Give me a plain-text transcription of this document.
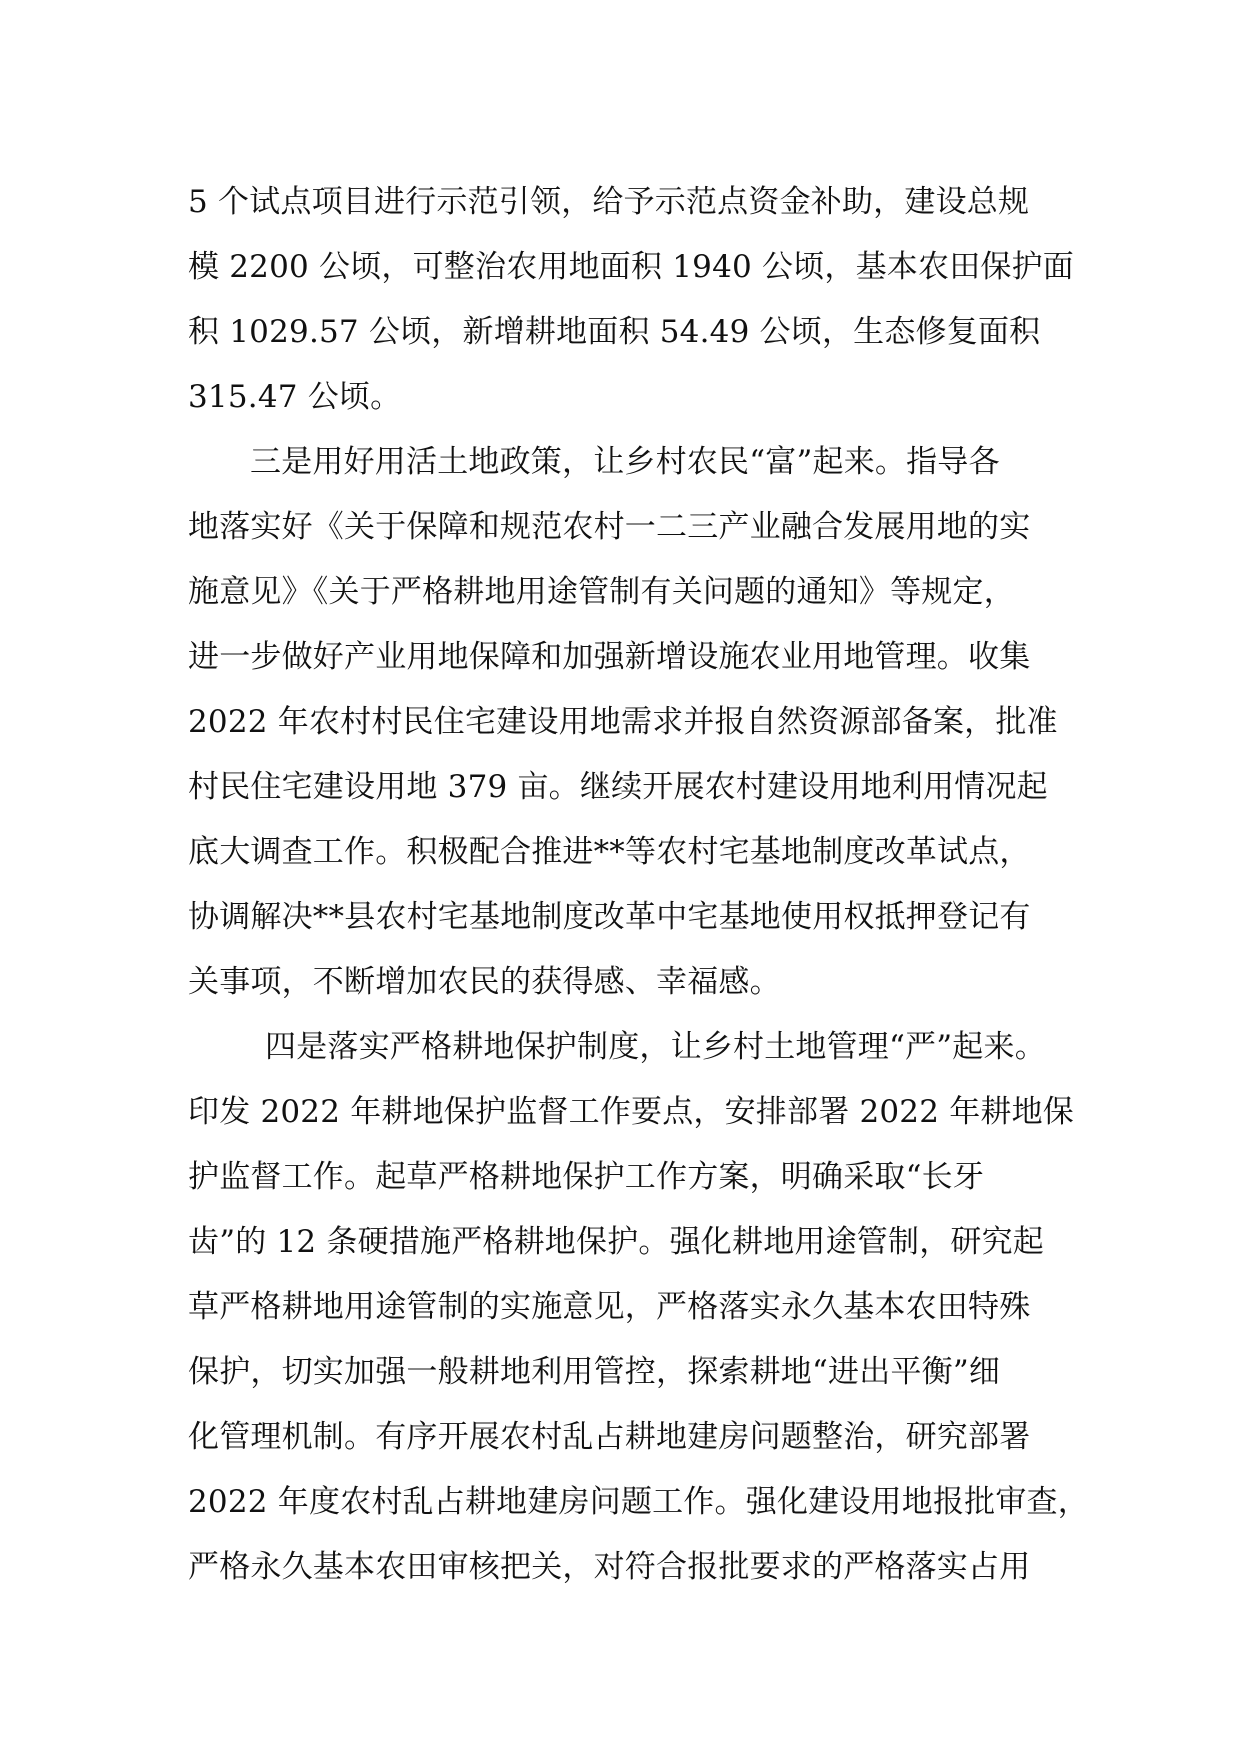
5 个试点项目进行示范引领，给予示范点资金补助，建设总规
模 2200 公顷，可整治农用地面积 1940 公顷，基本农田保护面
积 1029.57 公顷，新增耕地面积 54.49 公顷，生态修复面积
315.47 公顷。
三是用好用活土地政策，让乡村农民“富”起来。指导各
地落实好《关于保障和规范农村一二三产业融合发展用地的实
施意见》《关于严格耕地用途管制有关问题的通知》等规定，
进一步做好产业用地保障和加强新增设施农业用地管理。收集
2022 年农村村民住宅建设用地需求并报自然资源部备案，批准
村民住宅建设用地 379 亩。继续开展农村建设用地利用情况起
底大调查工作。积极配合推进**等农村宅基地制度改革试点，
协调解决**县农村宅基地制度改革中宅基地使用权抵押登记有
关事项，不断增加农民的获得感、幸福感。
四是落实严格耕地保护制度，让乡村土地管理“严”起来。
印发 2022 年耕地保护监督工作要点，安排部署 2022 年耕地保
护监督工作。起草严格耕地保护工作方案，明确采取“长牙
齿”的 12 条硬措施严格耕地保护。强化耕地用途管制，研究起
草严格耕地用途管制的实施意见，严格落实永久基本农田特殊
保护，切实加强一般耕地利用管控，探索耕地“进出平衡”细
化管理机制。有序开展农村乱占耕地建房问题整治，研究部署
2022 年度农村乱占耕地建房问题工作。强化建设用地报批审查，
严格永久基本农田审核把关，对符合报批要求的严格落实占用
